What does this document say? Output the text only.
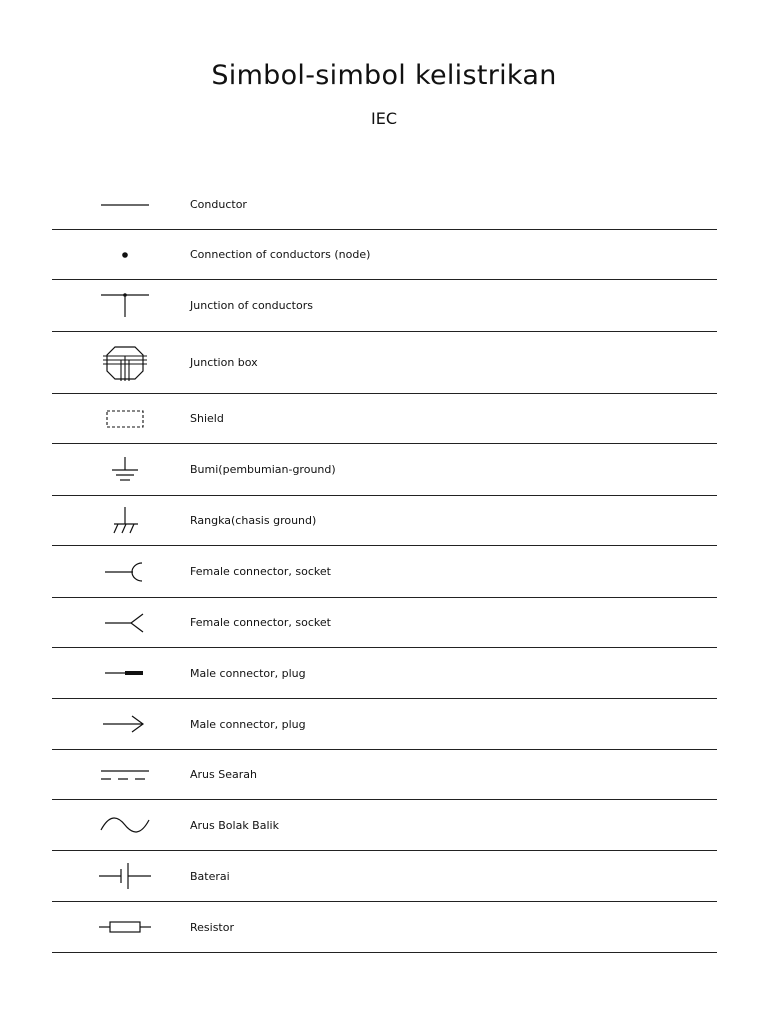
Simbol-simbol kelistrikan
IEC
Conductor
Connection of conductors (node)
Junction of conductors
Junction box
Shield
Bumi(pembumian-ground)
Rangka(chasis ground)
Female connector, socket
Female connector, socket
Male connector, plug
Male connector, plug
Arus Searah
Arus Bolak Balik
Baterai
Resistor
